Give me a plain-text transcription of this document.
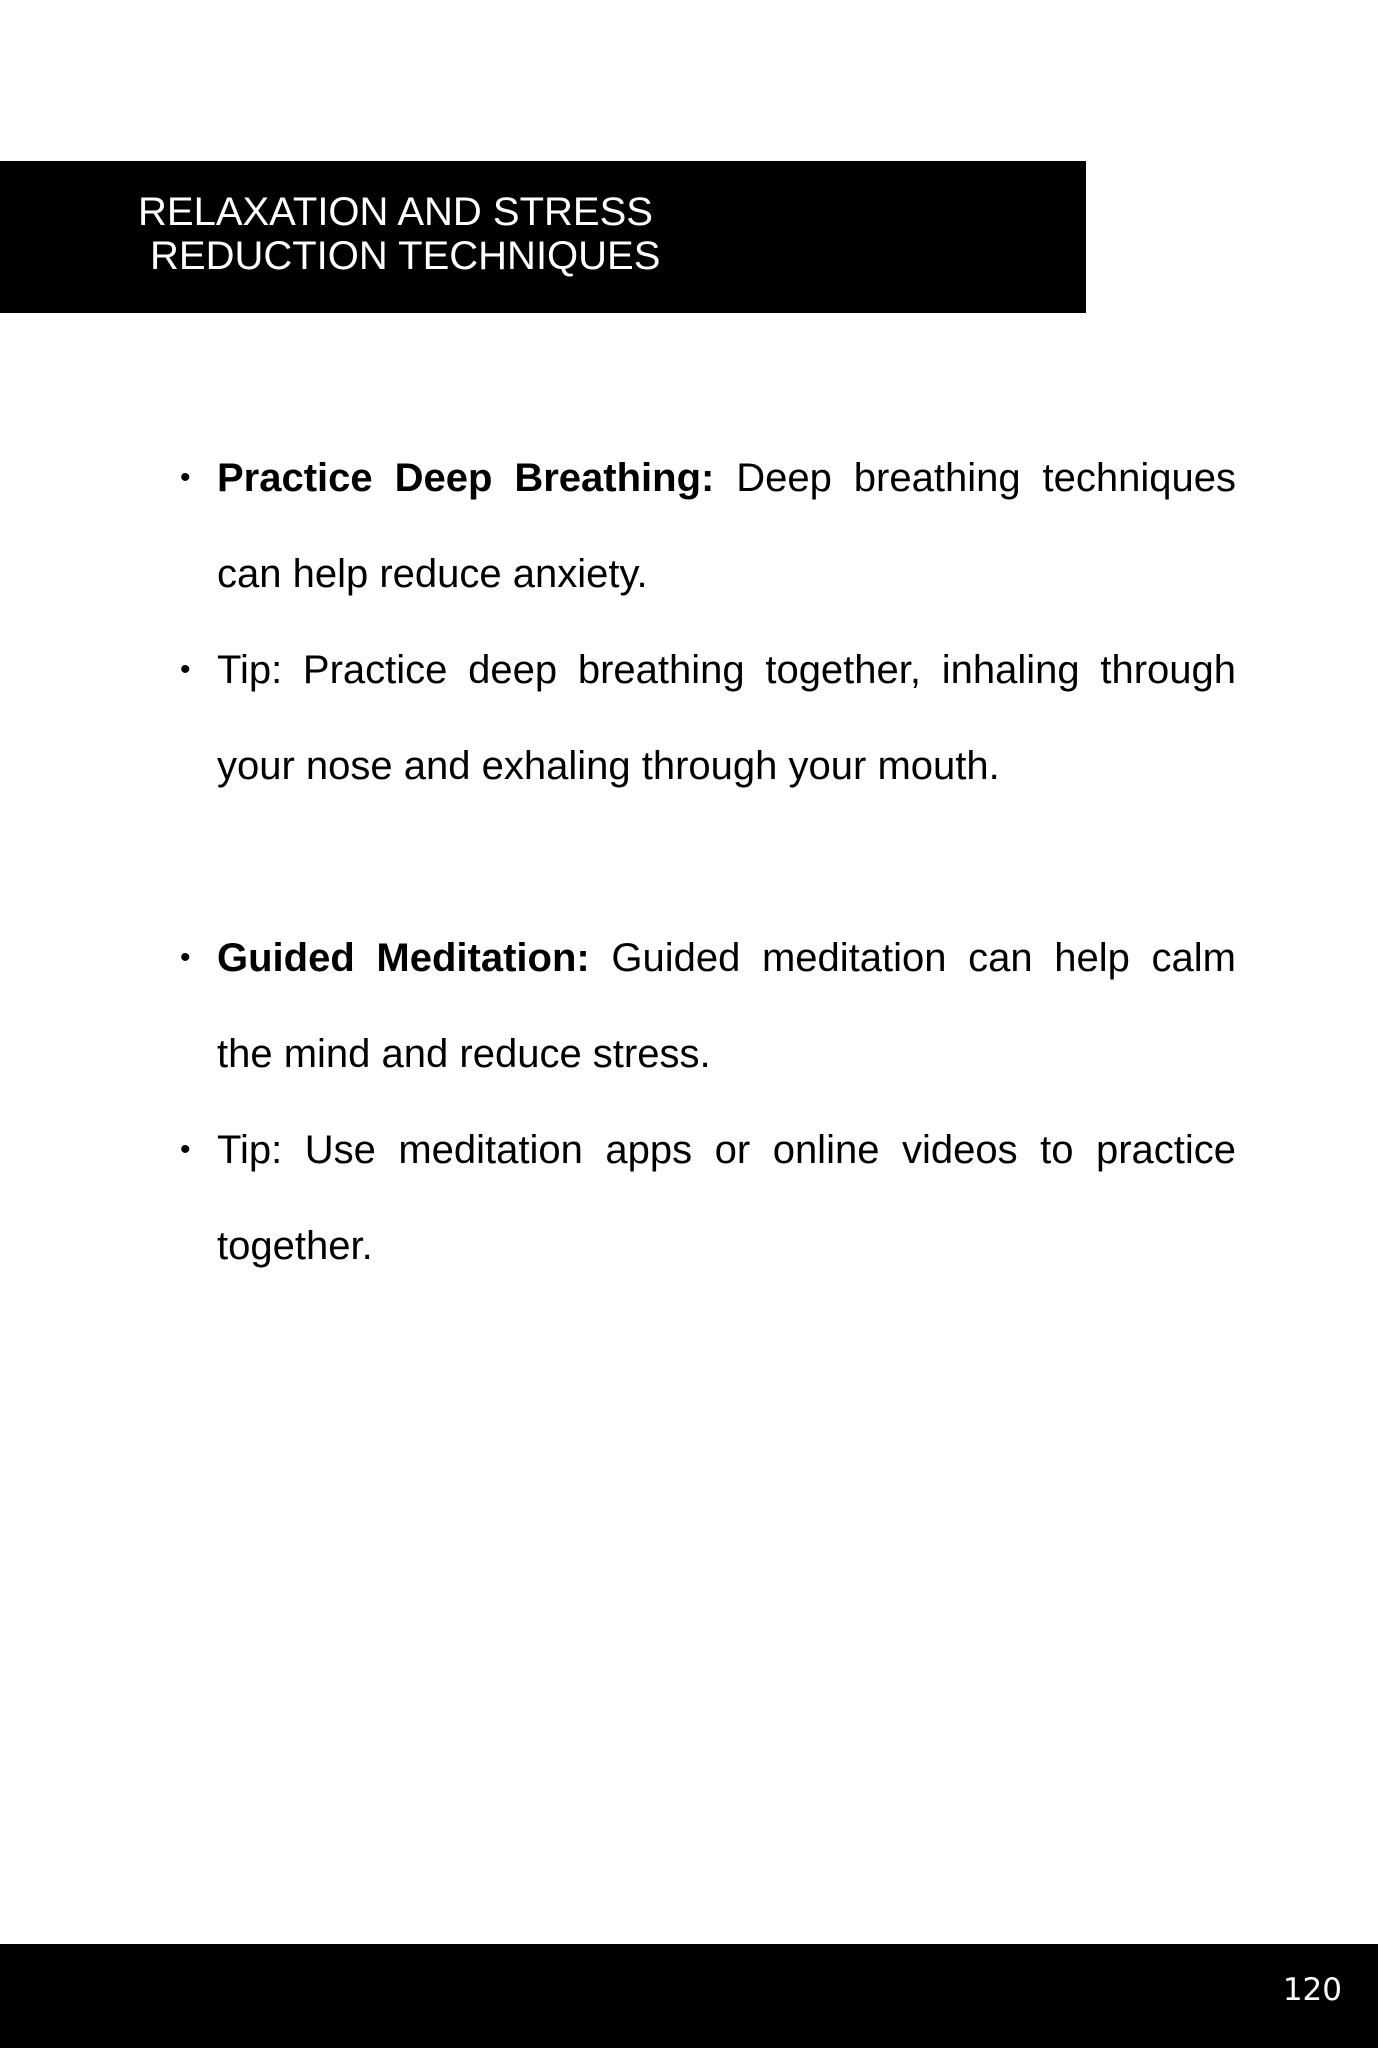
RELAXATION AND STRESS
REDUCTION TECHNIQUES
• Practice Deep Breathing: Deep breathing techniques can help reduce anxiety.
• Tip: Practice deep breathing together, inhaling through your nose and exhaling through your mouth.
• Guided Meditation: Guided meditation can help calm the mind and reduce stress.
• Tip: Use meditation apps or online videos to practice together.
120
